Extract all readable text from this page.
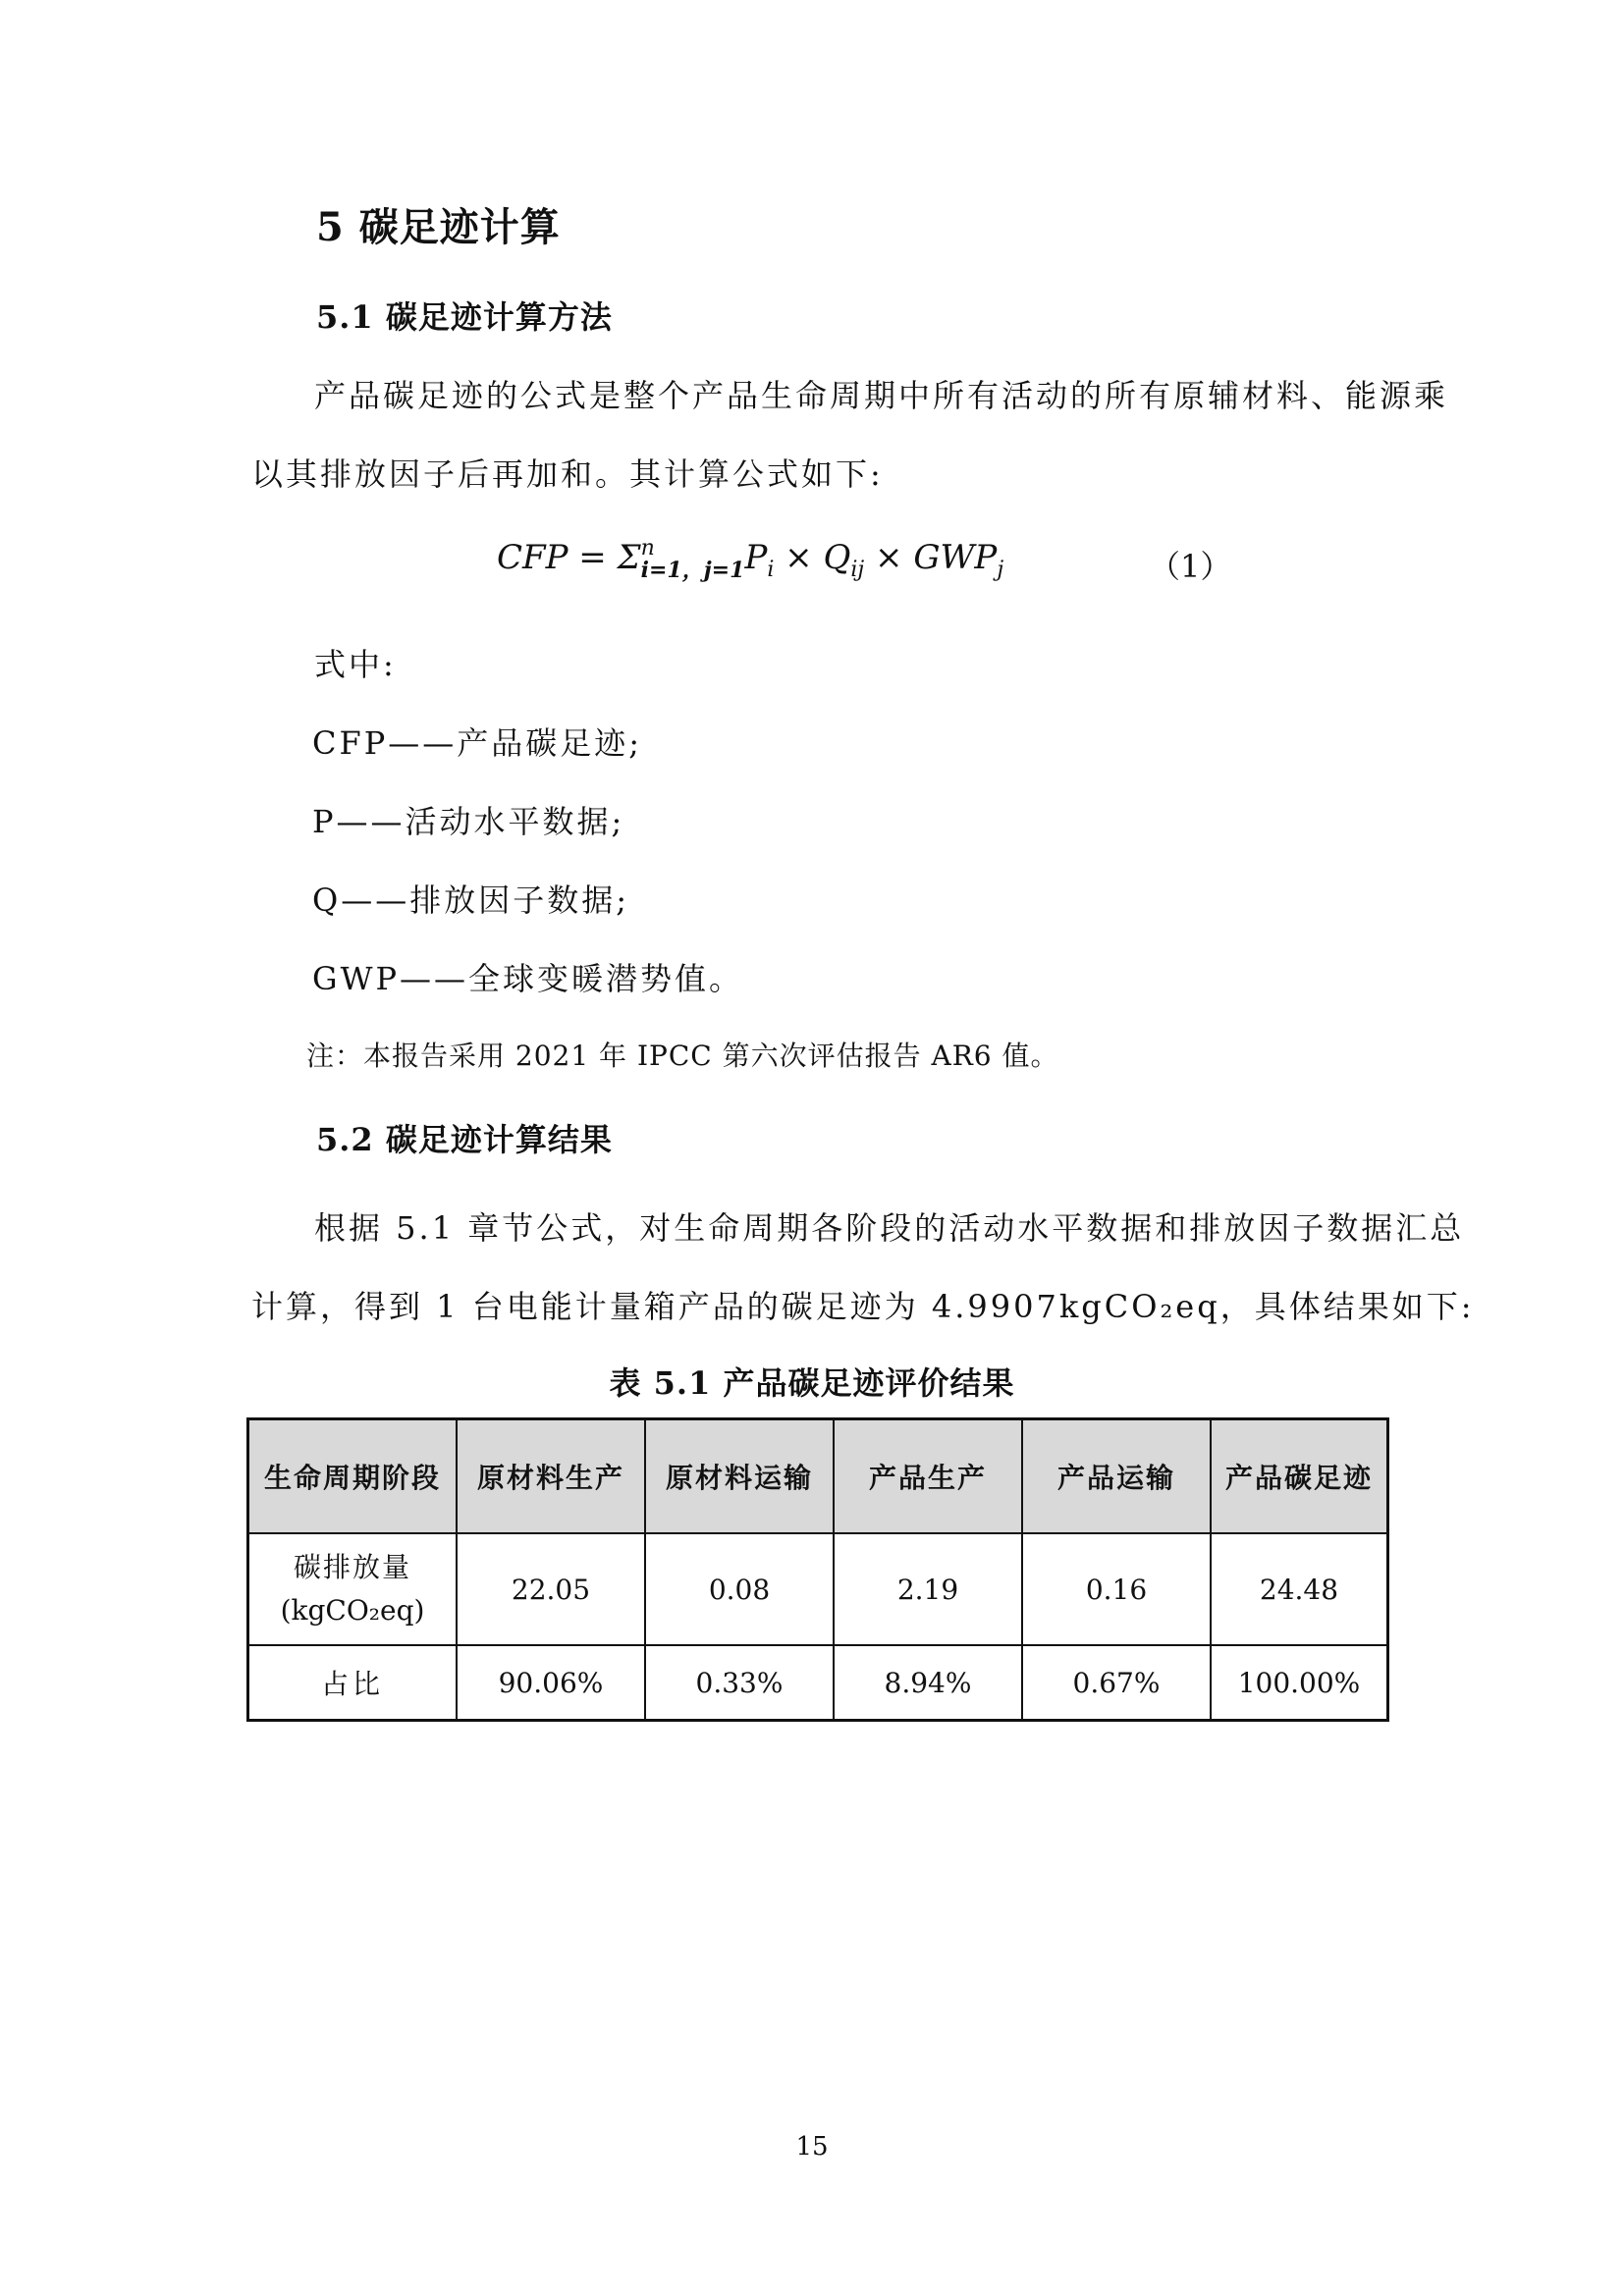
5 碳足迹计算
5.1 碳足迹计算方法
产品碳足迹的公式是整个产品生命周期中所有活动的所有原辅材料、能源乘
以其排放因子后再加和。其计算公式如下:
CFP = Σ n
i=1，j=1 $P_i \times Q_{ij} \times GWP_j$	（1）
式中:
CFP——产品碳足迹;
P——活动水平数据;
Q——排放因子数据;
GWP——全球变暖潜势值。
注：本报告采用 2021 年 IPCC 第六次评估报告 AR6 值。
5.2 碳足迹计算结果
根据 5.1 章节公式，对生命周期各阶段的活动水平数据和排放因子数据汇总
计算，得到 1 台电能计量箱产品的碳足迹为 4.9907kgCO₂eq，具体结果如下:
表 5.1 产品碳足迹评价结果
生命周期阶段	原材料生产	原材料运输	产品生产	产品运输	产品碳足迹

碳排放量
(kgCO₂eq)	22.05	0.08	2.19	0.16	24.48
占比	90.06%	0.33%	8.94%	0.67%	100.00%
15
